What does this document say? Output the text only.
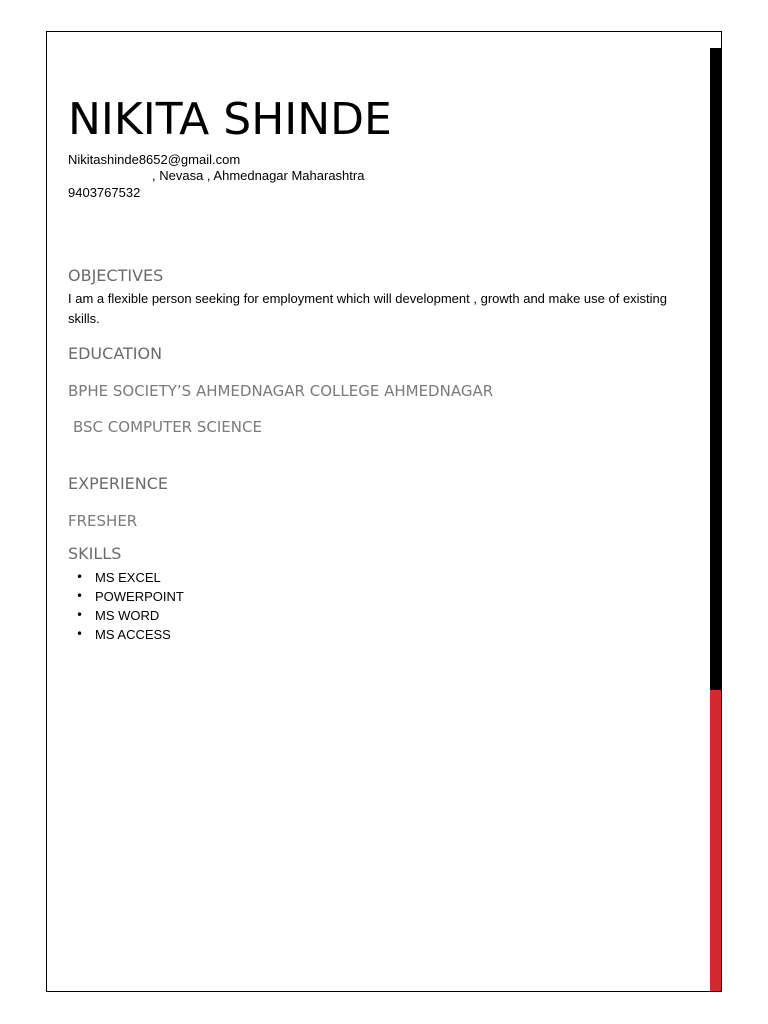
NIKITA SHINDE
Nikitashinde8652@gmail.com
, Nevasa , Ahmednagar Maharashtra
9403767532
OBJECTIVES

I am a flexible person seeking for employment which will development , growth and make use of existing skills.

EDUCATION
BPHE SOCIETY’S AHMEDNAGAR COLLEGE AHMEDNAGAR
BSC COMPUTER SCIENCE
EXPERIENCE
FRESHER
SKILLS
• MS EXCEL
• POWERPOINT
• MS WORD
• MS ACCESS
